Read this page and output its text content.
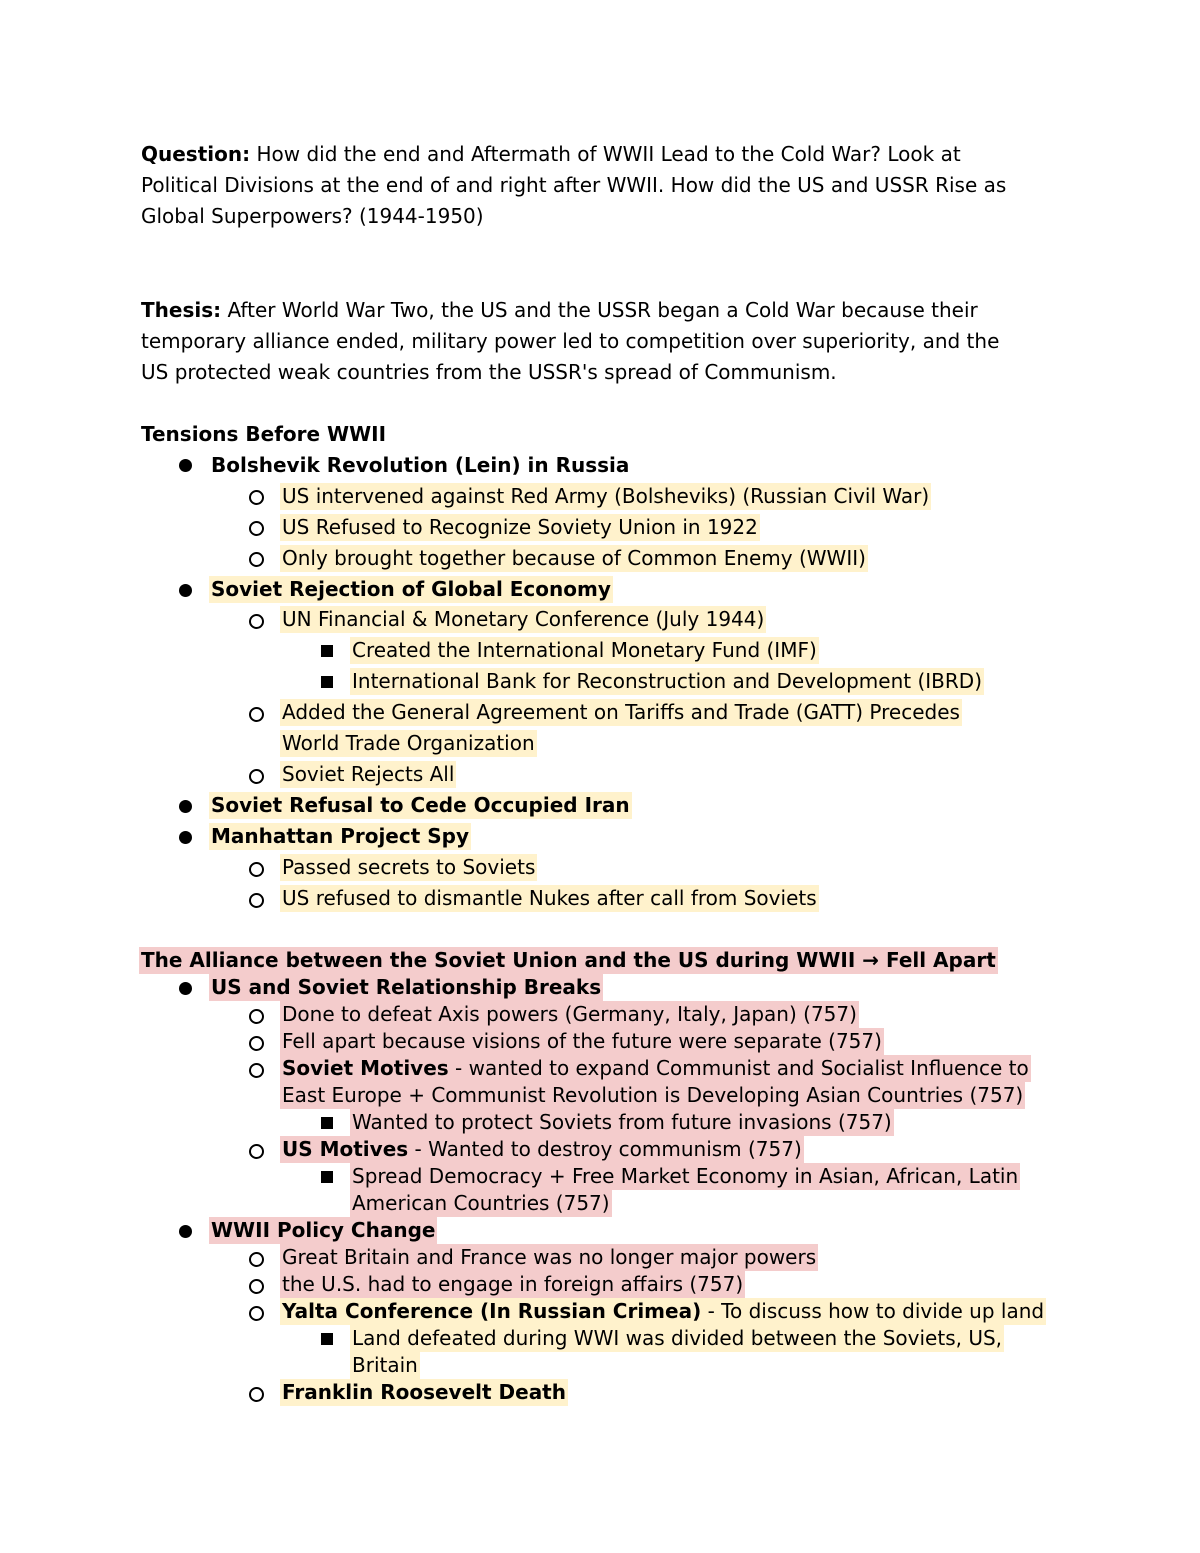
Question: How did the end and Aftermath of WWII Lead to the Cold War? Look at
Political Divisions at the end of and right after WWII. How did the US and USSR Rise as
Global Superpowers? (1944-1950)
Thesis: After World War Two, the US and the USSR began a Cold War because their
temporary alliance ended, military power led to competition over superiority, and the
US protected weak countries from the USSR's spread of Communism.
Tensions Before WWII
Bolshevik Revolution (Lein) in Russia
US intervened against Red Army (Bolsheviks) (Russian Civil War)
US Refused to Recognize Soviety Union in 1922
Only brought together because of Common Enemy (WWII)
Soviet Rejection of Global Economy
UN Financial & Monetary Conference (July 1944)
Created the International Monetary Fund (IMF)
International Bank for Reconstruction and Development (IBRD)
Added the General Agreement on Tariffs and Trade (GATT) Precedes
World Trade Organization
Soviet Rejects All
Soviet Refusal to Cede Occupied Iran
Manhattan Project Spy
Passed secrets to Soviets
US refused to dismantle Nukes after call from Soviets
The Alliance between the Soviet Union and the US during WWII → Fell Apart
US and Soviet Relationship Breaks
Done to defeat Axis powers (Germany, Italy, Japan) (757)
Fell apart because visions of the future were separate (757)
Soviet Motives - wanted to expand Communist and Socialist Influence to
East Europe + Communist Revolution is Developing Asian Countries (757)
Wanted to protect Soviets from future invasions (757)
US Motives - Wanted to destroy communism (757)
Spread Democracy + Free Market Economy in Asian, African, Latin
American Countries (757)
WWII Policy Change
Great Britain and France was no longer major powers
the U.S. had to engage in foreign affairs (757)
Yalta Conference (In Russian Crimea) - To discuss how to divide up land
Land defeated during WWI was divided between the Soviets, US,
Britain
Franklin Roosevelt Death
